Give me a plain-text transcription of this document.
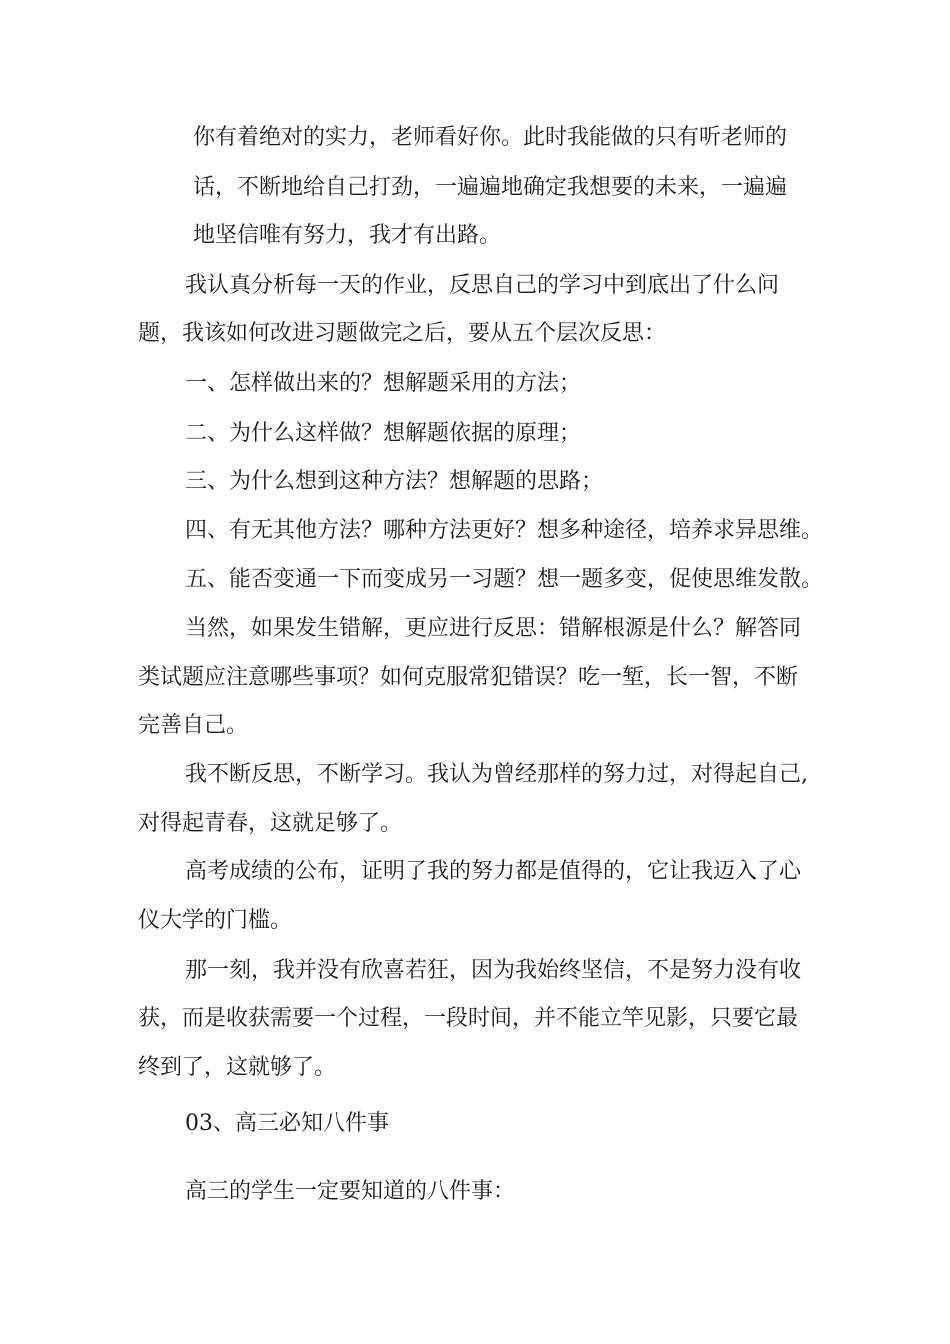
你有着绝对的实力，老师看好你。此时我能做的只有听老师的

话，不断地给自己打劲，一遍遍地确定我想要的未来，一遍遍

地坚信唯有努力，我才有出路。

我认真分析每一天的作业，反思自己的学习中到底出了什么问

题，我该如何改进习题做完之后，要从五个层次反思：

一、怎样做出来的？想解题采用的方法；

二、为什么这样做？想解题依据的原理；

三、为什么想到这种方法？想解题的思路；

四、有无其他方法？哪种方法更好？想多种途径，培养求异思维。

五、能否变通一下而变成另一习题？想一题多变，促使思维发散。

当然，如果发生错解，更应进行反思：错解根源是什么？解答同

类试题应注意哪些事项？如何克服常犯错误？吃一堑，长一智，不断

完善自己。

我不断反思，不断学习。我认为曾经那样的努力过，对得起自己,

对得起青春，这就足够了。

高考成绩的公布，证明了我的努力都是值得的，它让我迈入了心

仪大学的门槛。

那一刻，我并没有欣喜若狂，因为我始终坚信，不是努力没有收

获，而是收获需要一个过程，一段时间，并不能立竿见影，只要它最

终到了，这就够了。

03、高三必知八件事

高三的学生一定要知道的八件事：
